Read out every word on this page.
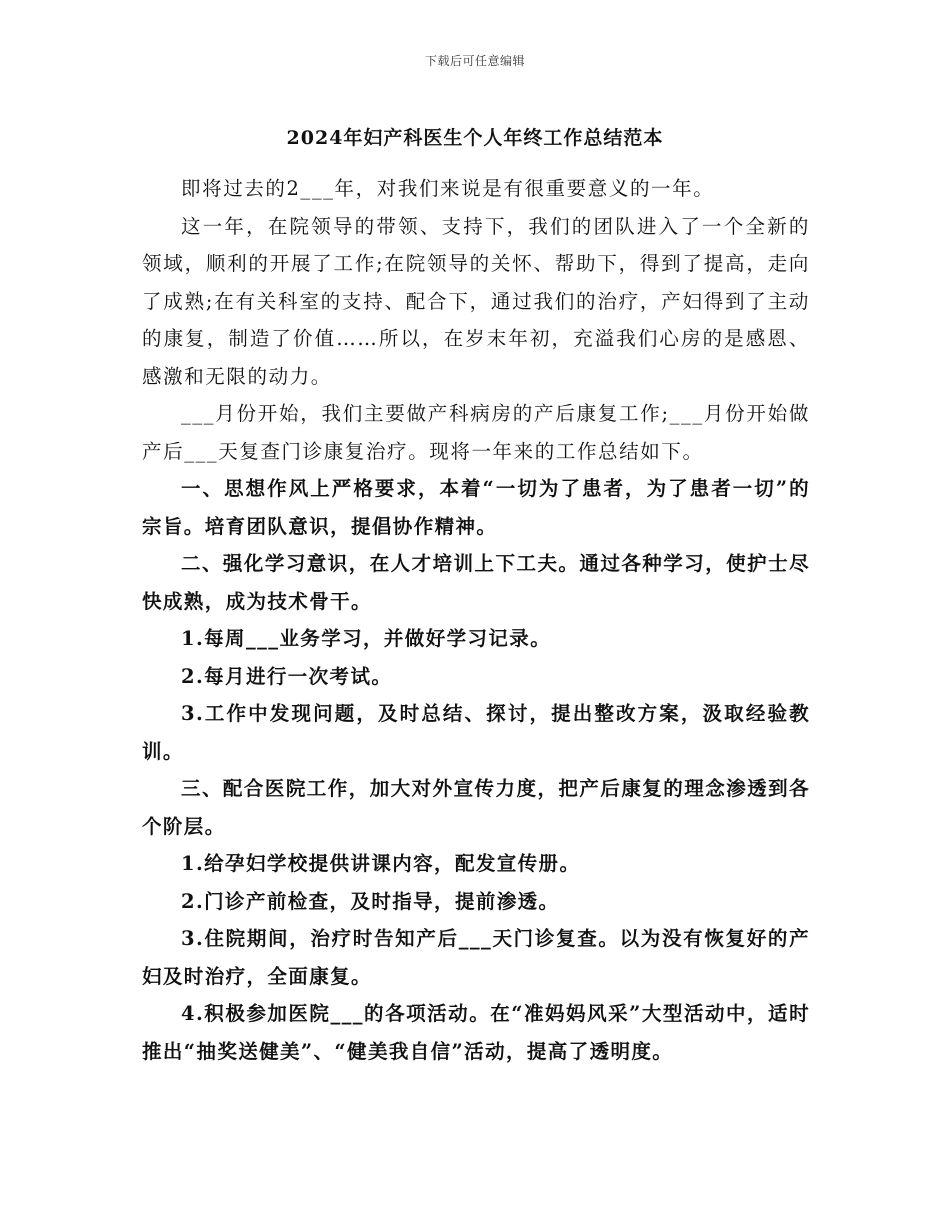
下载后可任意编辑
2024年妇产科医生个人年终工作总结范本

即将过去的2___年，对我们来说是有很重要意义的一年。

这一年，在院领导的带领、支持下，我们的团队进入了一个全新的领域，顺利的开展了工作;在院领导的关怀、帮助下，得到了提高，走向了成熟;在有关科室的支持、配合下，通过我们的治疗，产妇得到了主动的康复，制造了价值……所以，在岁末年初，充溢我们心房的是感恩、感激和无限的动力。

___月份开始，我们主要做产科病房的产后康复工作;___月份开始做产后___天复查门诊康复治疗。现将一年来的工作总结如下。

一、思想作风上严格要求，本着“一切为了患者，为了患者一切”的宗旨。培育团队意识，提倡协作精神。

二、强化学习意识，在人才培训上下工夫。通过各种学习，使护士尽快成熟，成为技术骨干。

1.每周___业务学习，并做好学习记录。

2.每月进行一次考试。

3.工作中发现问题，及时总结、探讨，提出整改方案，汲取经验教训。

三、配合医院工作，加大对外宣传力度，把产后康复的理念渗透到各个阶层。

1.给孕妇学校提供讲课内容，配发宣传册。

2.门诊产前检查，及时指导，提前渗透。

3.住院期间，治疗时告知产后___天门诊复查。以为没有恢复好的产妇及时治疗，全面康复。

4.积极参加医院___的各项活动。在“准妈妈风采”大型活动中，适时推出“抽奖送健美”、“健美我自信”活动，提高了透明度。
